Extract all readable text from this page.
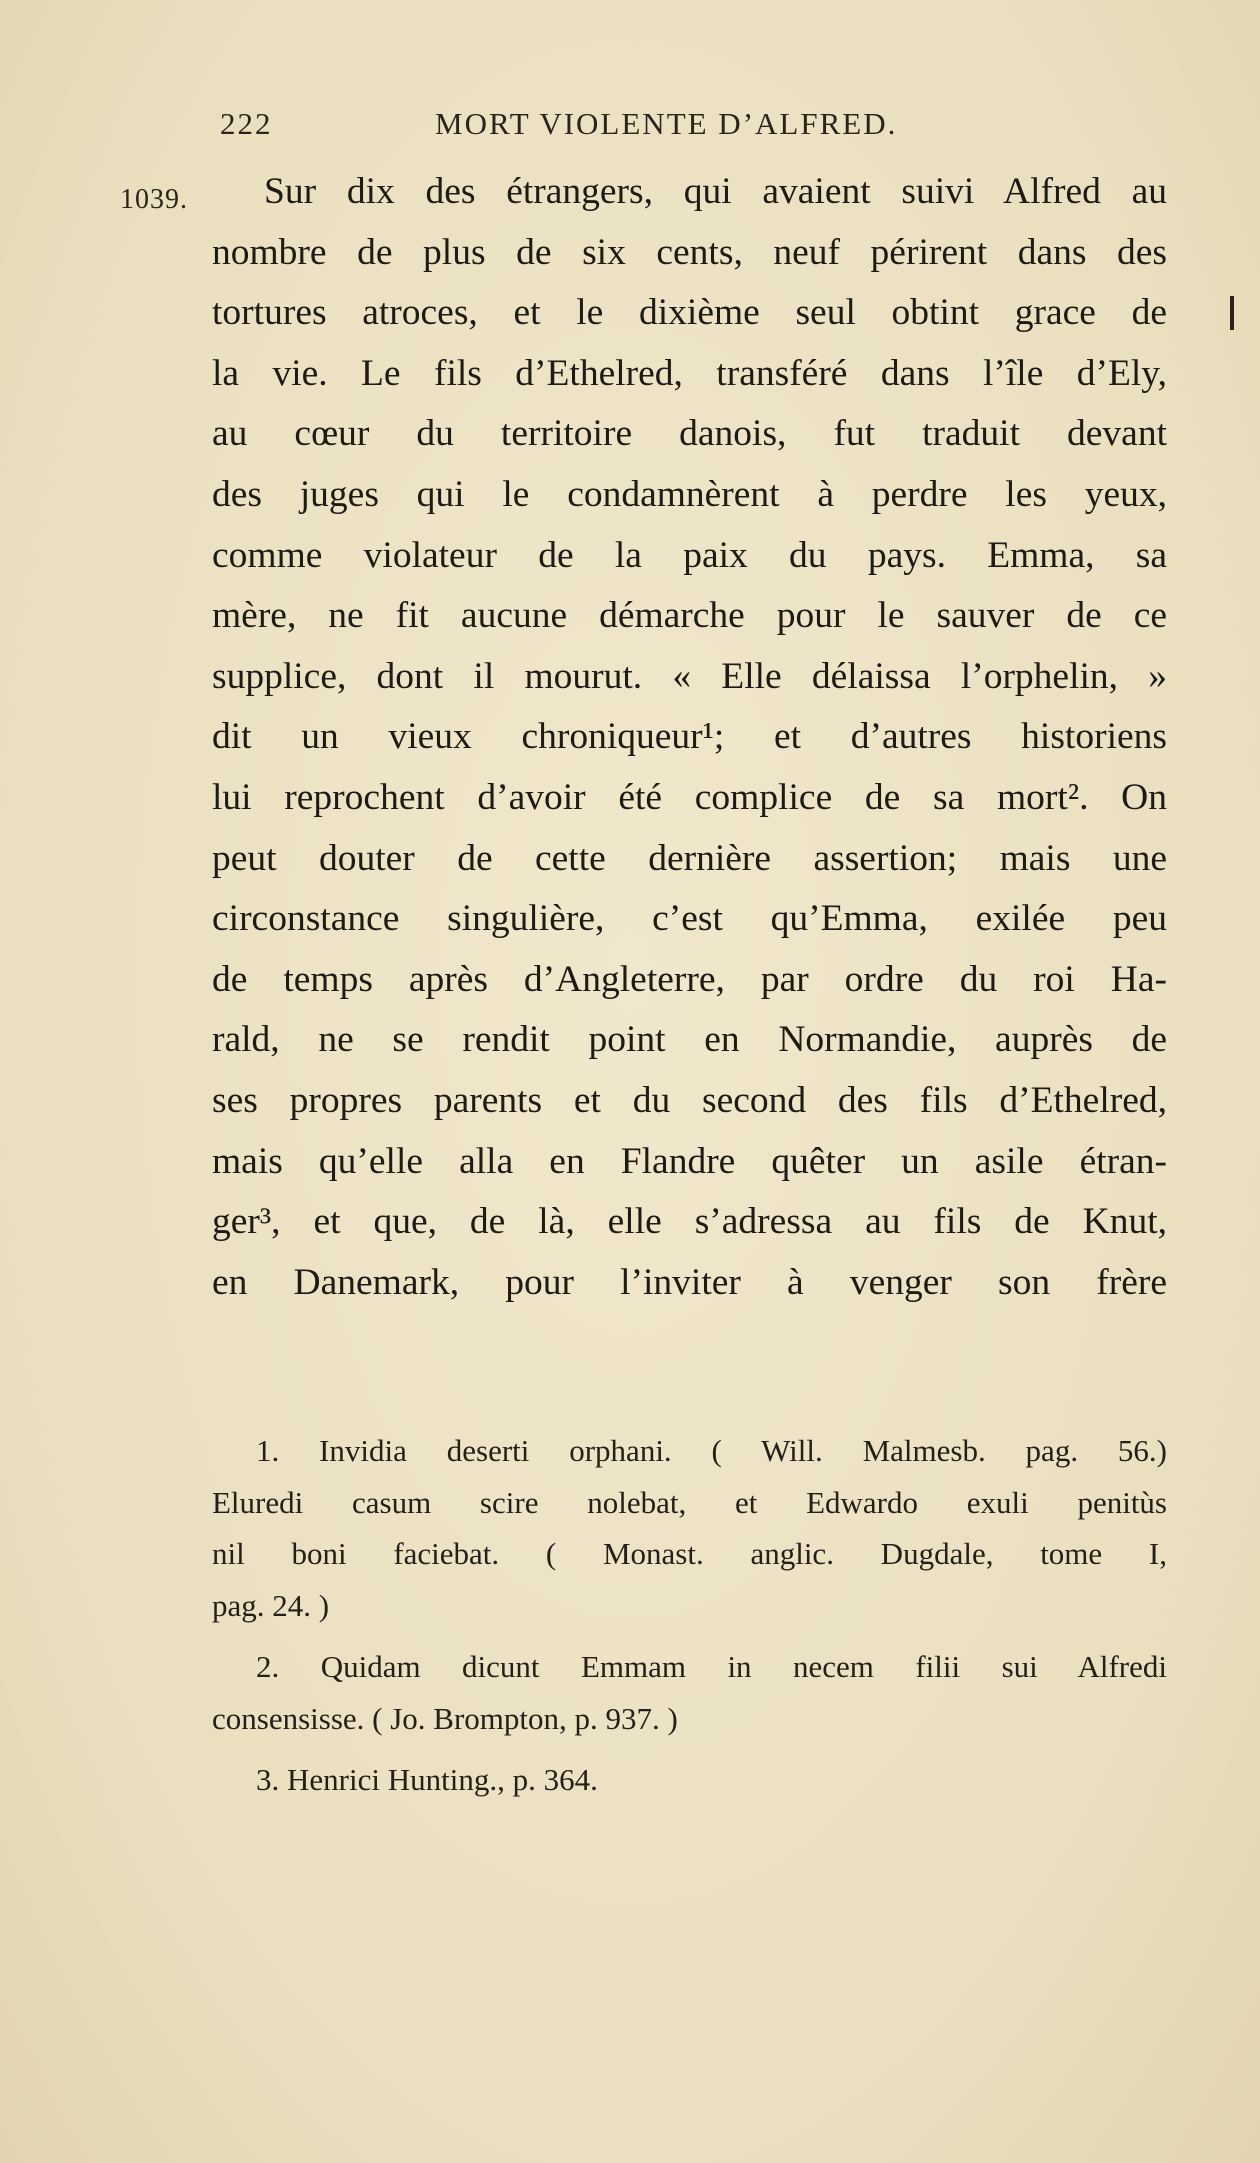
222	MORT VIOLENTE D’ALFRED.
1039.	Sur dix des étrangers, qui avaient suivi Alfred au
nombre de plus de six cents, neuf périrent dans des
tortures atroces, et le dixième seul obtint grace de
la vie. Le fils d’Ethelred, transféré dans l’île d’Ely,
au cœur du territoire danois, fut traduit devant
des juges qui le condamnèrent à perdre les yeux,
comme violateur de la paix du pays. Emma, sa
mère, ne fit aucune démarche pour le sauver de ce
supplice, dont il mourut. « Elle délaissa l’orphelin, »
dit un vieux chroniqueur¹; et d’autres historiens
lui reprochent d’avoir été complice de sa mort². On
peut douter de cette dernière assertion; mais une
circonstance singulière, c’est qu’Emma, exilée peu
de temps après d’Angleterre, par ordre du roi Ha-
rald, ne se rendit point en Normandie, auprès de
ses propres parents et du second des fils d’Ethelred,
mais qu’elle alla en Flandre quêter un asile étran-
ger³, et que, de là, elle s’adressa au fils de Knut,
en Danemark, pour l’inviter à venger son frère
1. Invidia deserti orphani. ( Will. Malmesb. pag. 56.)
Eluredi casum scire nolebat, et Edwardo exuli penitùs
nil boni faciebat. ( Monast. anglic. Dugdale, tome I,
pag. 24. )
2. Quidam dicunt Emmam in necem filii sui Alfredi
consensisse. ( Jo. Brompton, p. 937. )
3. Henrici Hunting., p. 364.
